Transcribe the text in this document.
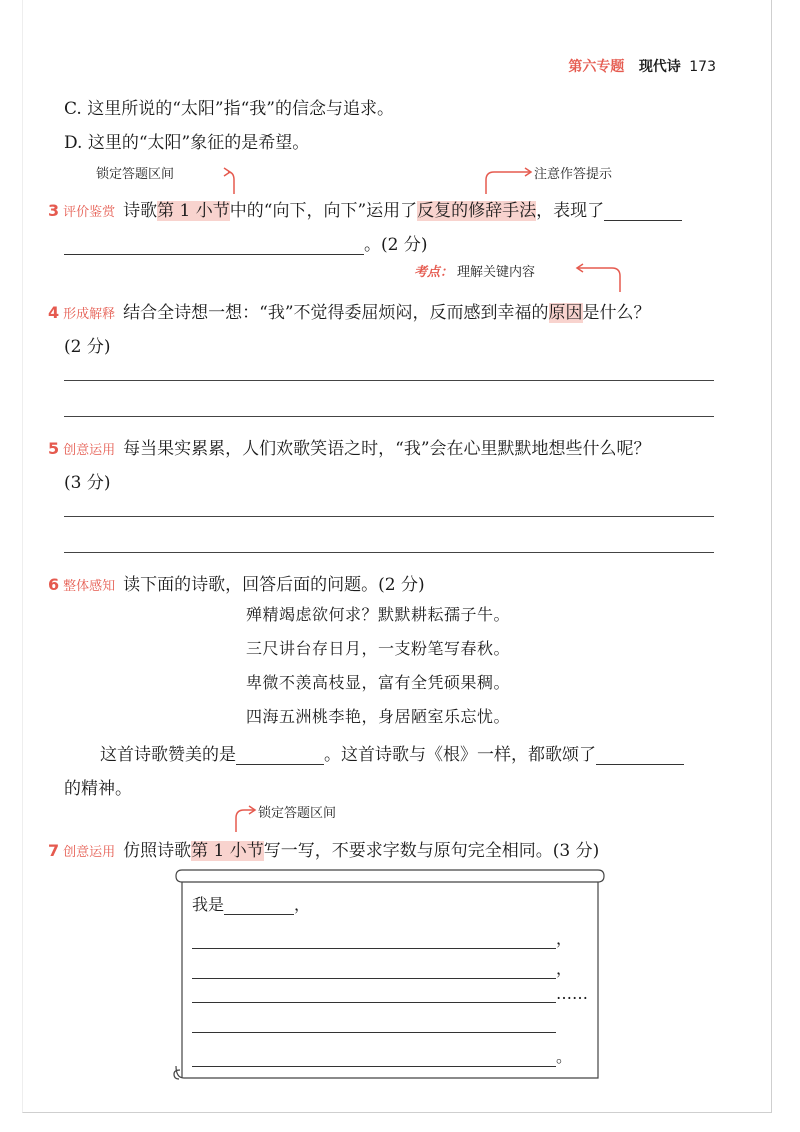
第六专题 现代诗 173
C. 这里所说的“太阳”指“我”的信念与追求。
D. 这里的“太阳”象征的是希望。
锁定答题区间	注意作答提示
3 评价鉴赏 诗歌第 1 小节中的“向下，向下”运用了反复的修辞手法，表现了
。(2 分)
考点： 理解关键内容
4 形成解释 结合全诗想一想：“我”不觉得委屈烦闷，反而感到幸福的原因是什么？
(2 分)
5 创意运用 每当果实累累，人们欢歌笑语之时，“我”会在心里默默地想些什么呢？
(3 分)
6 整体感知 读下面的诗歌，回答后面的问题。(2 分)
殚精竭虑欲何求？默默耕耘孺子牛。
三尺讲台存日月，一支粉笔写春秋。
卑微不羡高枝显，富有全凭硕果稠。
四海五洲桃李艳，身居陋室乐忘忧。
这首诗歌赞美的是	。这首诗歌与《根》一样，都歌颂了
的精神。
锁定答题区间
7 创意运用 仿照诗歌第 1 小节写一写，不要求字数与原句完全相同。(3 分)
我是	，
，
，
……
。
